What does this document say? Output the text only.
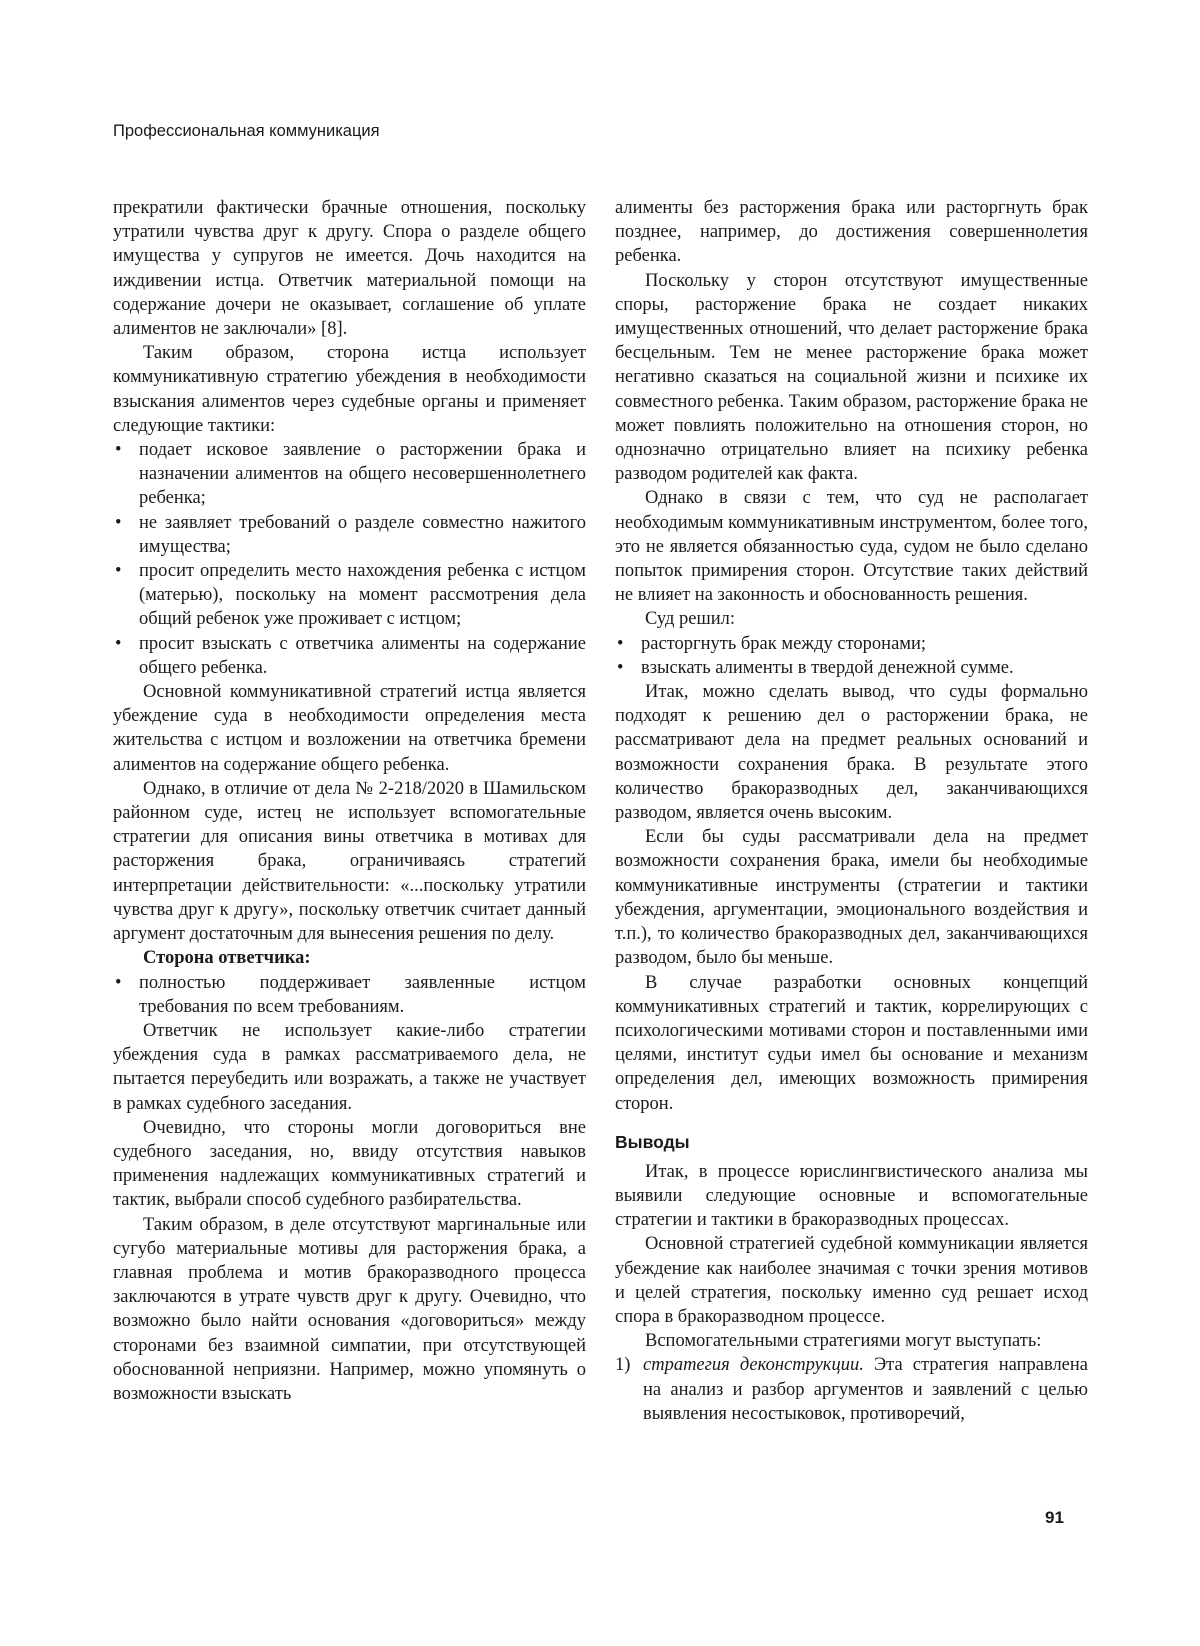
Профессиональная коммуникация

прекратили фактически брачные отношения, поскольку утратили чувства друг к другу. Спора о разделе общего имущества у супругов не имеется. Дочь находится на иждивении истца. Ответчик материальной помощи на содержание дочери не оказывает, соглашение об уплате алиментов не заключали» [8].

Таким образом, сторона истца использует коммуникативную стратегию убеждения в необходимости взыскания алиментов через судебные органы и применяет следующие тактики:

• подает исковое заявление о расторжении брака и назначении алиментов на общего несовершеннолетнего ребенка;
• не заявляет требований о разделе совместно нажитого имущества;
• просит определить место нахождения ребенка с истцом (матерью), поскольку на момент рассмотрения дела общий ребенок уже проживает с истцом;
• просит взыскать с ответчика алименты на содержание общего ребенка.

Основной коммуникативной стратегий истца является убеждение суда в необходимости определения места жительства с истцом и возложении на ответчика бремени алиментов на содержание общего ребенка.

Однако, в отличие от дела № 2-218/2020 в Шамильском районном суде, истец не использует вспомогательные стратегии для описания вины ответчика в мотивах для расторжения брака, ограничиваясь стратегий интерпретации действительности: «...поскольку утратили чувства друг к другу», поскольку ответчик считает данный аргумент достаточным для вынесения решения по делу.

Сторона ответчика:

• полностью поддерживает заявленные истцом требования по всем требованиям.

Ответчик не использует какие-либо стратегии убеждения суда в рамках рассматриваемого дела, не пытается переубедить или возражать, а также не участвует в рамках судебного заседания.

Очевидно, что стороны могли договориться вне судебного заседания, но, ввиду отсутствия навыков применения надлежащих коммуникативных стратегий и тактик, выбрали способ судебного разбирательства.

Таким образом, в деле отсутствуют маргинальные или сугубо материальные мотивы для расторжения брака, а главная проблема и мотив бракоразводного процесса заключаются в утрате чувств друг к другу. Очевидно, что возможно было найти основания «договориться» между сторонами без взаимной симпатии, при отсутствующей обоснованной неприязни. Например, можно упомянуть о возможности взыскать

алименты без расторжения брака или расторгнуть брак позднее, например, до достижения совершеннолетия ребенка.

Поскольку у сторон отсутствуют имущественные споры, расторжение брака не создает никаких имущественных отношений, что делает расторжение брака бесцельным. Тем не менее расторжение брака может негативно сказаться на социальной жизни и психике их совместного ребенка. Таким образом, расторжение брака не может повлиять положительно на отношения сторон, но однозначно отрицательно влияет на психику ребенка разводом родителей как факта.

Однако в связи с тем, что суд не располагает необходимым коммуникативным инструментом, более того, это не является обязанностью суда, судом не было сделано попыток примирения сторон. Отсутствие таких действий не влияет на законность и обоснованность решения.

Суд решил:

• расторгнуть брак между сторонами;
• взыскать алименты в твердой денежной сумме.

Итак, можно сделать вывод, что суды формально подходят к решению дел о расторжении брака, не рассматривают дела на предмет реальных оснований и возможности сохранения брака. В результате этого количество бракоразводных дел, заканчивающихся разводом, является очень высоким.

Если бы суды рассматривали дела на предмет возможности сохранения брака, имели бы необходимые коммуникативные инструменты (стратегии и тактики убеждения, аргументации, эмоционального воздействия и т.п.), то количество бракоразводных дел, заканчивающихся разводом, было бы меньше.

В случае разработки основных концепций коммуникативных стратегий и тактик, коррелирующих с психологическими мотивами сторон и поставленными ими целями, институт судьи имел бы основание и механизм определения дел, имеющих возможность примирения сторон.

Выводы

Итак, в процессе юрислингвистического анализа мы выявили следующие основные и вспомогательные стратегии и тактики в бракоразводных процессах.

Основной стратегией судебной коммуникации является убеждение как наиболее значимая с точки зрения мотивов и целей стратегия, поскольку именно суд решает исход спора в бракоразводном процессе.

Вспомогательными стратегиями могут выступать:

1) стратегия деконструкции. Эта стратегия направлена на анализ и разбор аргументов и заявлений с целью выявления несостыковок, противоречий,
91
